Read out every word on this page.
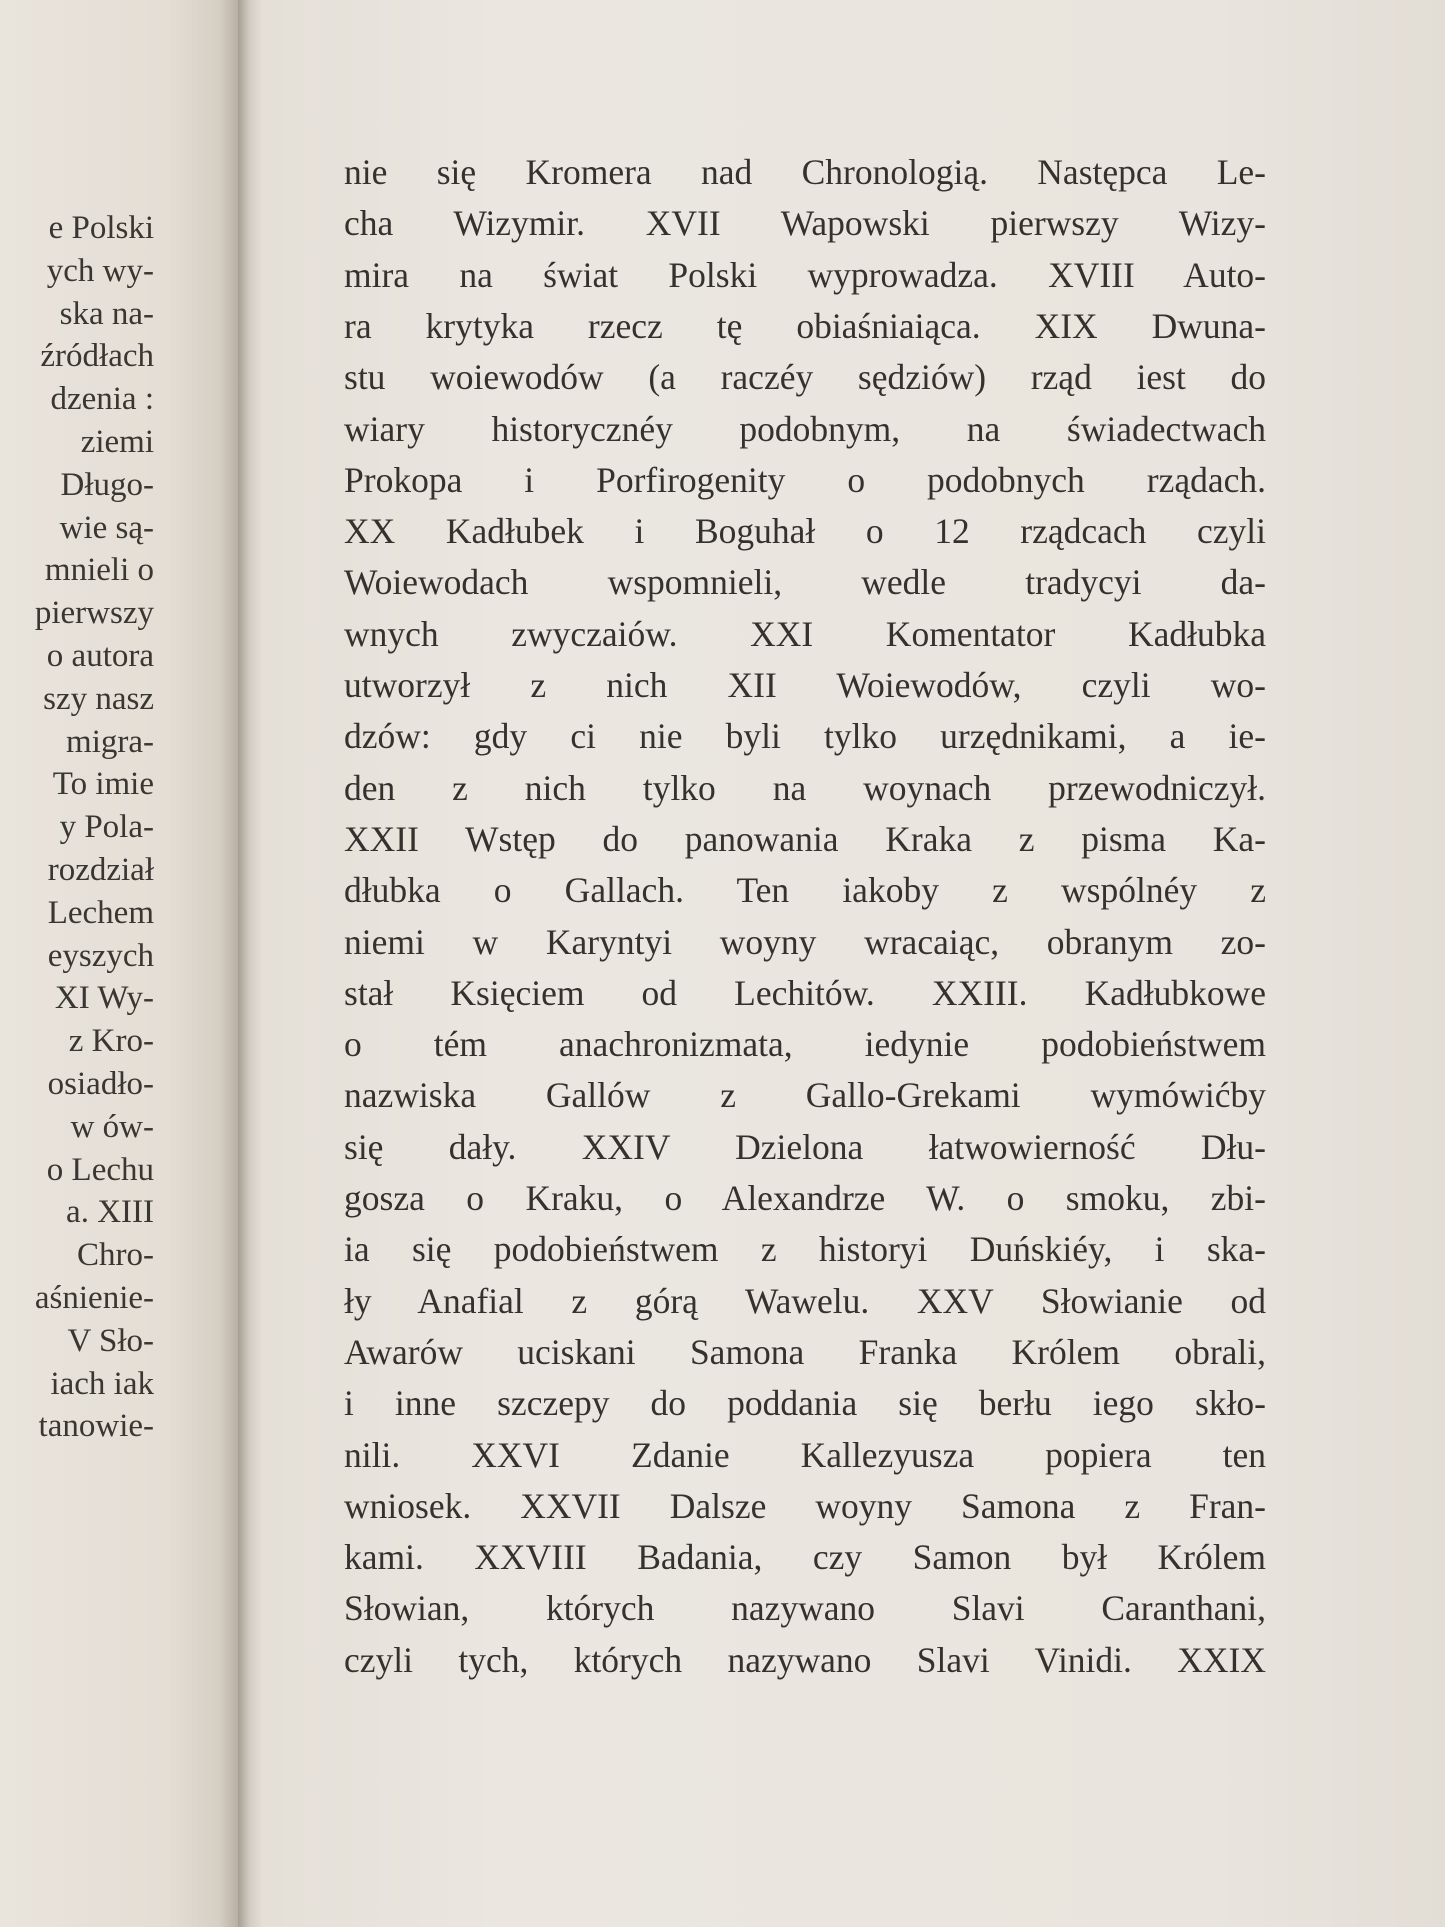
e Polski
ych wy-
ska na-
źródłach
dzenia :
ziemi
Długo-
wie są-
mnieli o
pierwszy
o autora
szy nasz
migra-
To imie
y Pola-
rozdział
Lechem
eyszych
XI Wy-
z Kro-
osiadło-
w ów-
o Lechu
a. XIII
Chro-
aśnienie-
V Sło-
iach iak
tanowie-
nie się Kromera nad Chronologią. Następca Le-
cha Wizymir. XVII Wapowski pierwszy Wizy-
mira na świat Polski wyprowadza. XVIII Auto-
ra krytyka rzecz tę obiaśniaiąca. XIX Dwuna-
stu woiewodów (a raczéy sędziów) rząd iest do
wiary historycznéy podobnym, na świadectwach
Prokopa i Porfirogenity o podobnych rządach.
XX Kadłubek i Boguhał o 12 rządcach czyli
Woiewodach wspomnieli, wedle tradycyi da-
wnych zwyczaiów. XXI Komentator Kadłubka
utworzył z nich XII Woiewodów, czyli wo-
dzów: gdy ci nie byli tylko urzędnikami, a ie-
den z nich tylko na woynach przewodniczył.
XXII Wstęp do panowania Kraka z pisma Ka-
dłubka o Gallach. Ten iakoby z wspólnéy z
niemi w Karyntyi woyny wracaiąc, obranym zo-
stał Księciem od Lechitów. XXIII. Kadłubkowe
o tém anachronizmata, iedynie podobieństwem
nazwiska Gallów z Gallo-Grekami wymówićby
się dały. XXIV Dzielona łatwowierność Dłu-
gosza o Kraku, o Alexandrze W. o smoku, zbi-
ia się podobieństwem z historyi Duńskiéy, i ska-
ły Anafial z górą Wawelu. XXV Słowianie od
Awarów uciskani Samona Franka Królem obrali,
i inne szczepy do poddania się berłu iego skło-
nili. XXVI Zdanie Kallezyusza popiera ten
wniosek. XXVII Dalsze woyny Samona z Fran-
kami. XXVIII Badania, czy Samon był Królem
Słowian, których nazywano Slavi Caranthani,
czyli tych, których nazywano Slavi Vinidi. XXIX
